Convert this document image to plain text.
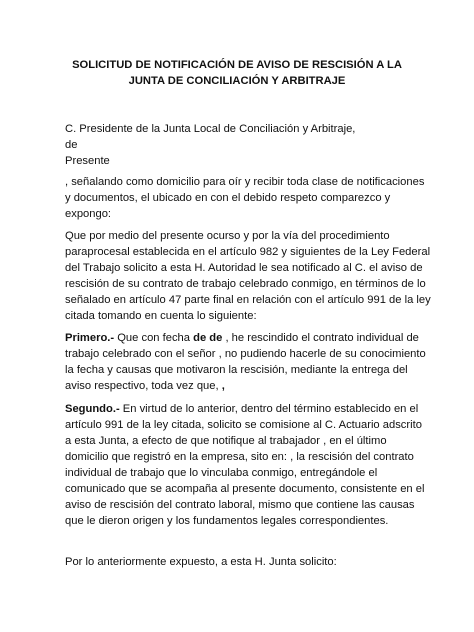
SOLICITUD DE NOTIFICACIÓN DE AVISO DE RESCISIÓN A LA
JUNTA DE CONCILIACIÓN Y ARBITRAJE
C. Presidente de la Junta Local de Conciliación y Arbitraje,
de
Presente
, señalando como domicilio para oír y recibir toda clase de notificaciones
y documentos, el ubicado en con el debido respeto comparezco y
expongo:
Que por medio del presente ocurso y por la vía del procedimiento
paraprocesal establecida en el artículo 982 y siguientes de la Ley Federal
del Trabajo solicito a esta H. Autoridad le sea notificado al C. el aviso de
rescisión de su contrato de trabajo celebrado conmigo, en términos de lo
señalado en artículo 47 parte final en relación con el artículo 991 de la ley
citada tomando en cuenta lo siguiente:
Primero.- Que con fecha de de , he rescindido el contrato individual de
trabajo celebrado con el señor , no pudiendo hacerle de su conocimiento
la fecha y causas que motivaron la rescisión, mediante la entrega del
aviso respectivo, toda vez que, ,
Segundo.- En virtud de lo anterior, dentro del término establecido en el
artículo 991 de la ley citada, solicito se comisione al C. Actuario adscrito
a esta Junta, a efecto de que notifique al trabajador , en el último
domicilio que registró en la empresa, sito en: , la rescisión del contrato
individual de trabajo que lo vinculaba conmigo, entregándole el
comunicado que se acompaña al presente documento, consistente en el
aviso de rescisión del contrato laboral, mismo que contiene las causas
que le dieron origen y los fundamentos legales correspondientes.
Por lo anteriormente expuesto, a esta H. Junta solicito:
